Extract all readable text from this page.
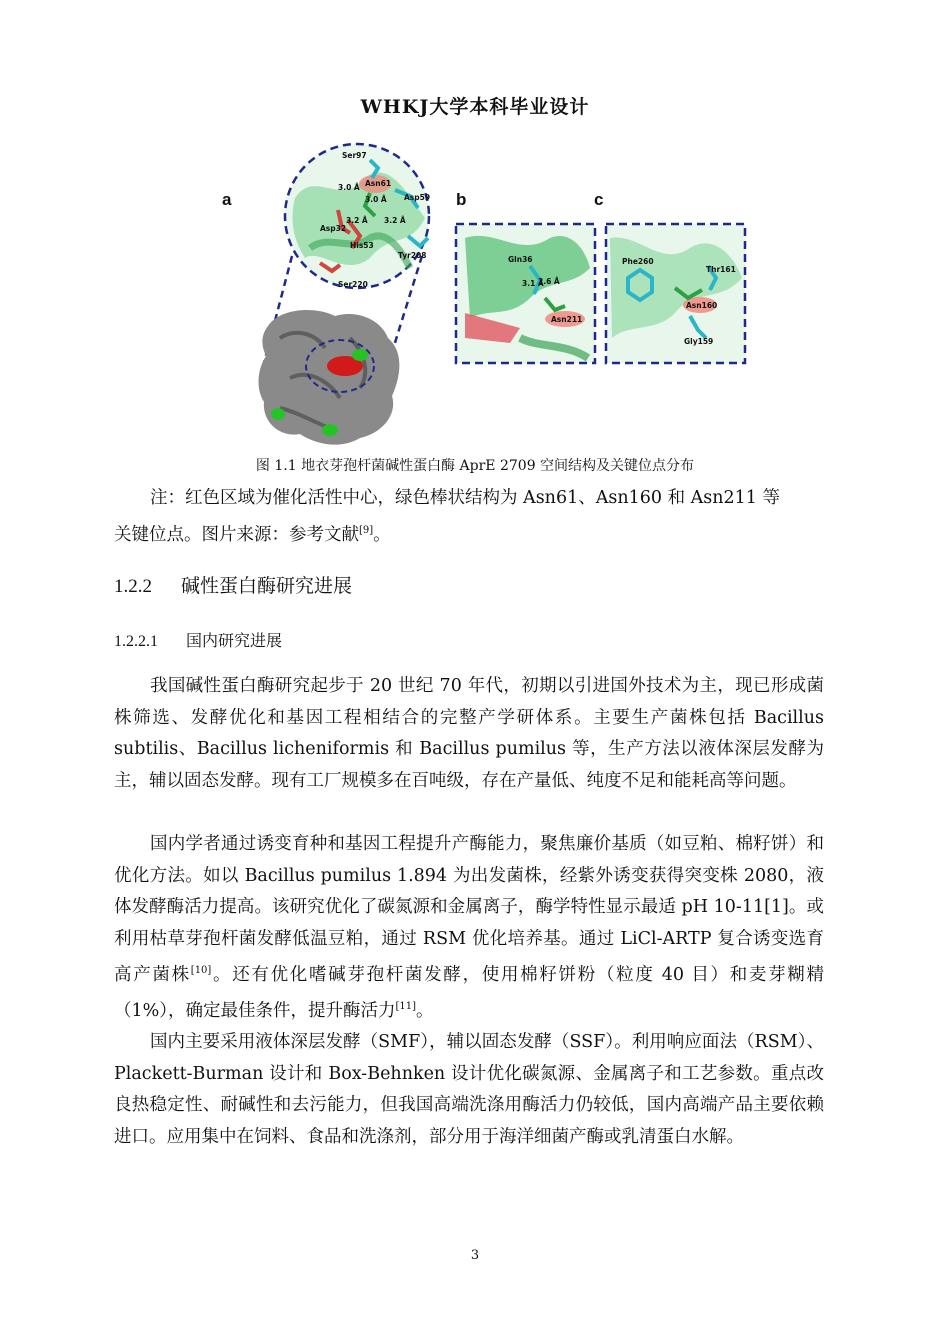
WHKJ大学本科毕业设计
a	b	c
Ser97
3.0 Å Asn61
3.0 Å Asp59
3.2 Å 3.2 Å
Asp32
His53
Tyr208
Ser220
Gln36
3.1 Å
2.6 Å
Asn211
Phe260
Thr161
Asn160
Gly159
图 1.1 地衣芽孢杆菌碱性蛋白酶 AprE 2709 空间结构及关键位点分布

注：红色区域为催化活性中心，绿色棒状结构为 Asn61、Asn160 和 Asn211 等
关键位点。图片来源：参考文献[9]。

1.2.2 碱性蛋白酶研究进展
1.2.2.1 国内研究进展

我国碱性蛋白酶研究起步于 20 世纪 70 年代，初期以引进国外技术为主，现已形成菌株筛选、发酵优化和基因工程相结合的完整产学研体系。主要生产菌株包括 Bacillus subtilis、Bacillus licheniformis 和 Bacillus pumilus 等，生产方法以液体深层发酵为主，辅以固态发酵。现有工厂规模多在百吨级，存在产量低、纯度不足和能耗高等问题。

国内学者通过诱变育种和基因工程提升产酶能力，聚焦廉价基质（如豆粕、棉籽饼）和优化方法。如以 Bacillus pumilus 1.894 为出发菌株，经紫外诱变获得突变株 2080，液体发酵酶活力提高。该研究优化了碳氮源和金属离子，酶学特性显示最适 pH 10-11[1]。或利用枯草芽孢杆菌发酵低温豆粕，通过 RSM 优化培养基。通过 LiCl-ARTP 复合诱变选育高产菌株[10]。还有优化嗜碱芽孢杆菌发酵，使用棉籽饼粉（粒度 40 目）和麦芽糊精（1%），确定最佳条件，提升酶活力[11]。

国内主要采用液体深层发酵（SMF），辅以固态发酵（SSF）。利用响应面法（RSM）、Plackett-Burman 设计和 Box-Behnken 设计优化碳氮源、金属离子和工艺参数。重点改良热稳定性、耐碱性和去污能力，但我国高端洗涤用酶活力仍较低，国内高端产品主要依赖进口。应用集中在饲料、食品和洗涤剂，部分用于海洋细菌产酶或乳清蛋白水解。

3
